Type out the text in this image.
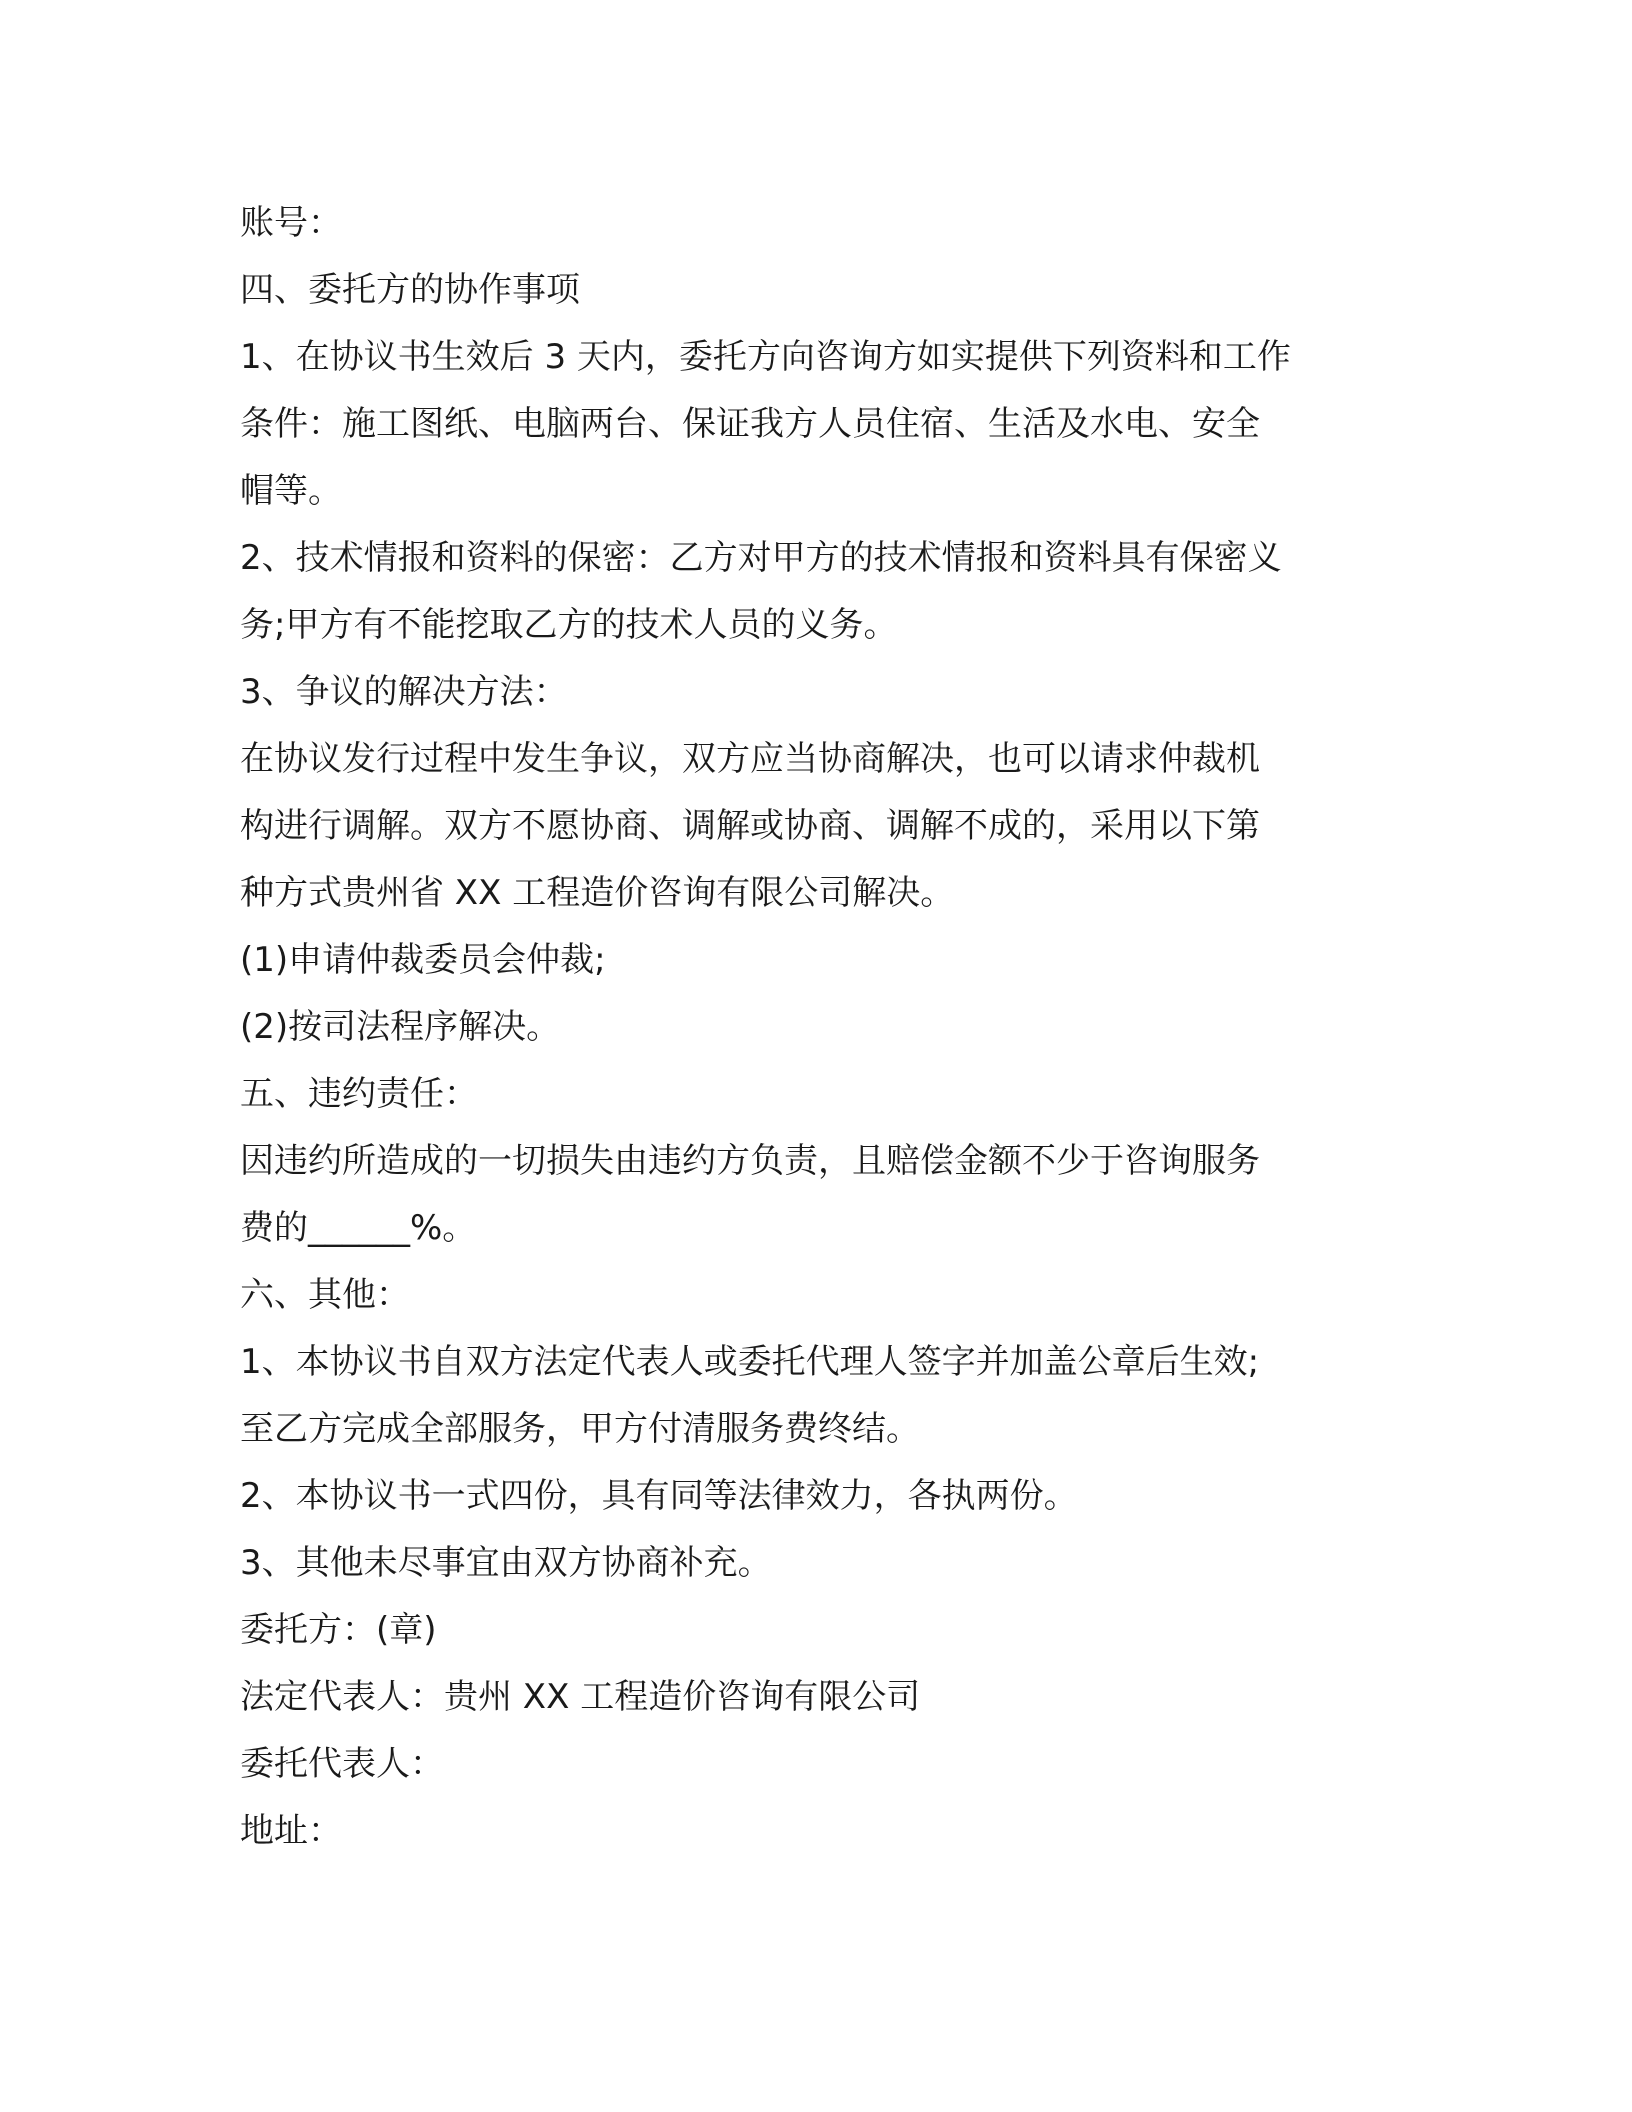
账号：

四、委托方的协作事项

1、在协议书生效后 3 天内，委托方向咨询方如实提供下列资料和工作

条件：施工图纸、电脑两台、保证我方人员住宿、生活及水电、安全

帽等。

2、技术情报和资料的保密：乙方对甲方的技术情报和资料具有保密义

务;甲方有不能挖取乙方的技术人员的义务。

3、争议的解决方法：

在协议发行过程中发生争议，双方应当协商解决，也可以请求仲裁机

构进行调解。双方不愿协商、调解或协商、调解不成的，采用以下第

种方式贵州省 XX 工程造价咨询有限公司解决。

(1)申请仲裁委员会仲裁;

(2)按司法程序解决。

五、违约责任：

因违约所造成的一切损失由违约方负责，且赔偿金额不少于咨询服务

费的______%。

六、其他：

1、本协议书自双方法定代表人或委托代理人签字并加盖公章后生效;

至乙方完成全部服务，甲方付清服务费终结。

2、本协议书一式四份，具有同等法律效力，各执两份。

3、其他未尽事宜由双方协商补充。

委托方：(章)

法定代表人：贵州 XX 工程造价咨询有限公司

委托代表人：

地址：
